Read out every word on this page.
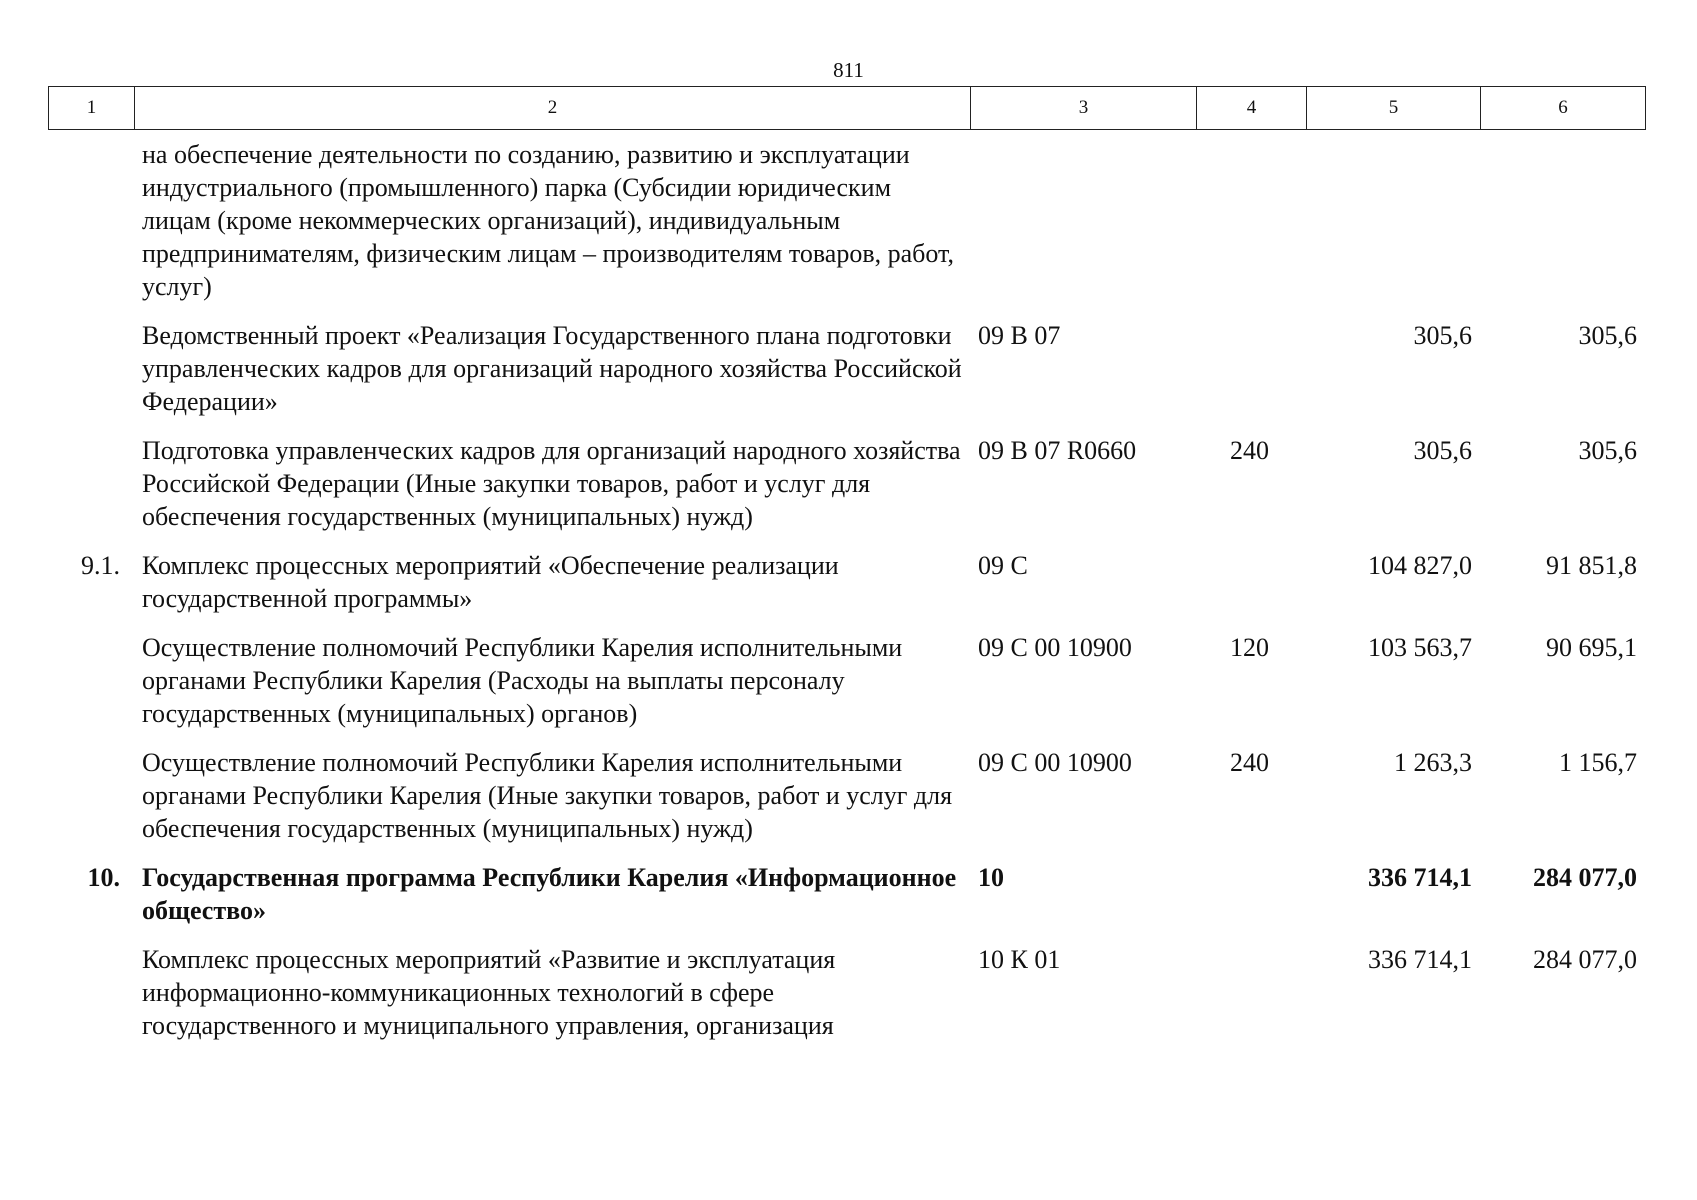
811
1	2	3	4	5	6
	на обеспечение деятельности по созданию, развитию и эксплуатации индустриального (промышленного) парка (Субсидии юридическим лицам (кроме некоммерческих организаций), индивидуальным предпринимателям, физическим лицам – производителям товаров, работ, услуг)				
	Ведомственный проект «Реализация Государственного плана подготовки управленческих кадров для организаций народного хозяйства Российской Федерации»	09 В 07		305,6	305,6
	Подготовка управленческих кадров для организаций народного хозяйства Российской Федерации (Иные закупки товаров, работ и услуг для обеспечения государственных (муниципальных) нужд)	09 В 07 R0660	240	305,6	305,6
9.1.	Комплекс процессных мероприятий «Обеспечение реализации государственной программы»	09 С		104 827,0	91 851,8
	Осуществление полномочий Республики Карелия исполнительными органами Республики Карелия (Расходы на выплаты персоналу государственных (муниципальных) органов)	09 С 00 10900	120	103 563,7	90 695,1
	Осуществление полномочий Республики Карелия исполнительными органами Республики Карелия (Иные закупки товаров, работ и услуг для обеспечения государственных (муниципальных) нужд)	09 С 00 10900	240	1 263,3	1 156,7
10.	Государственная программа Республики Карелия «Информационное общество»	10		336 714,1	284 077,0
	Комплекс процессных мероприятий «Развитие и эксплуатация информационно-коммуникационных технологий в сфере государственного и муниципального управления, организация	10 К 01		336 714,1	284 077,0
